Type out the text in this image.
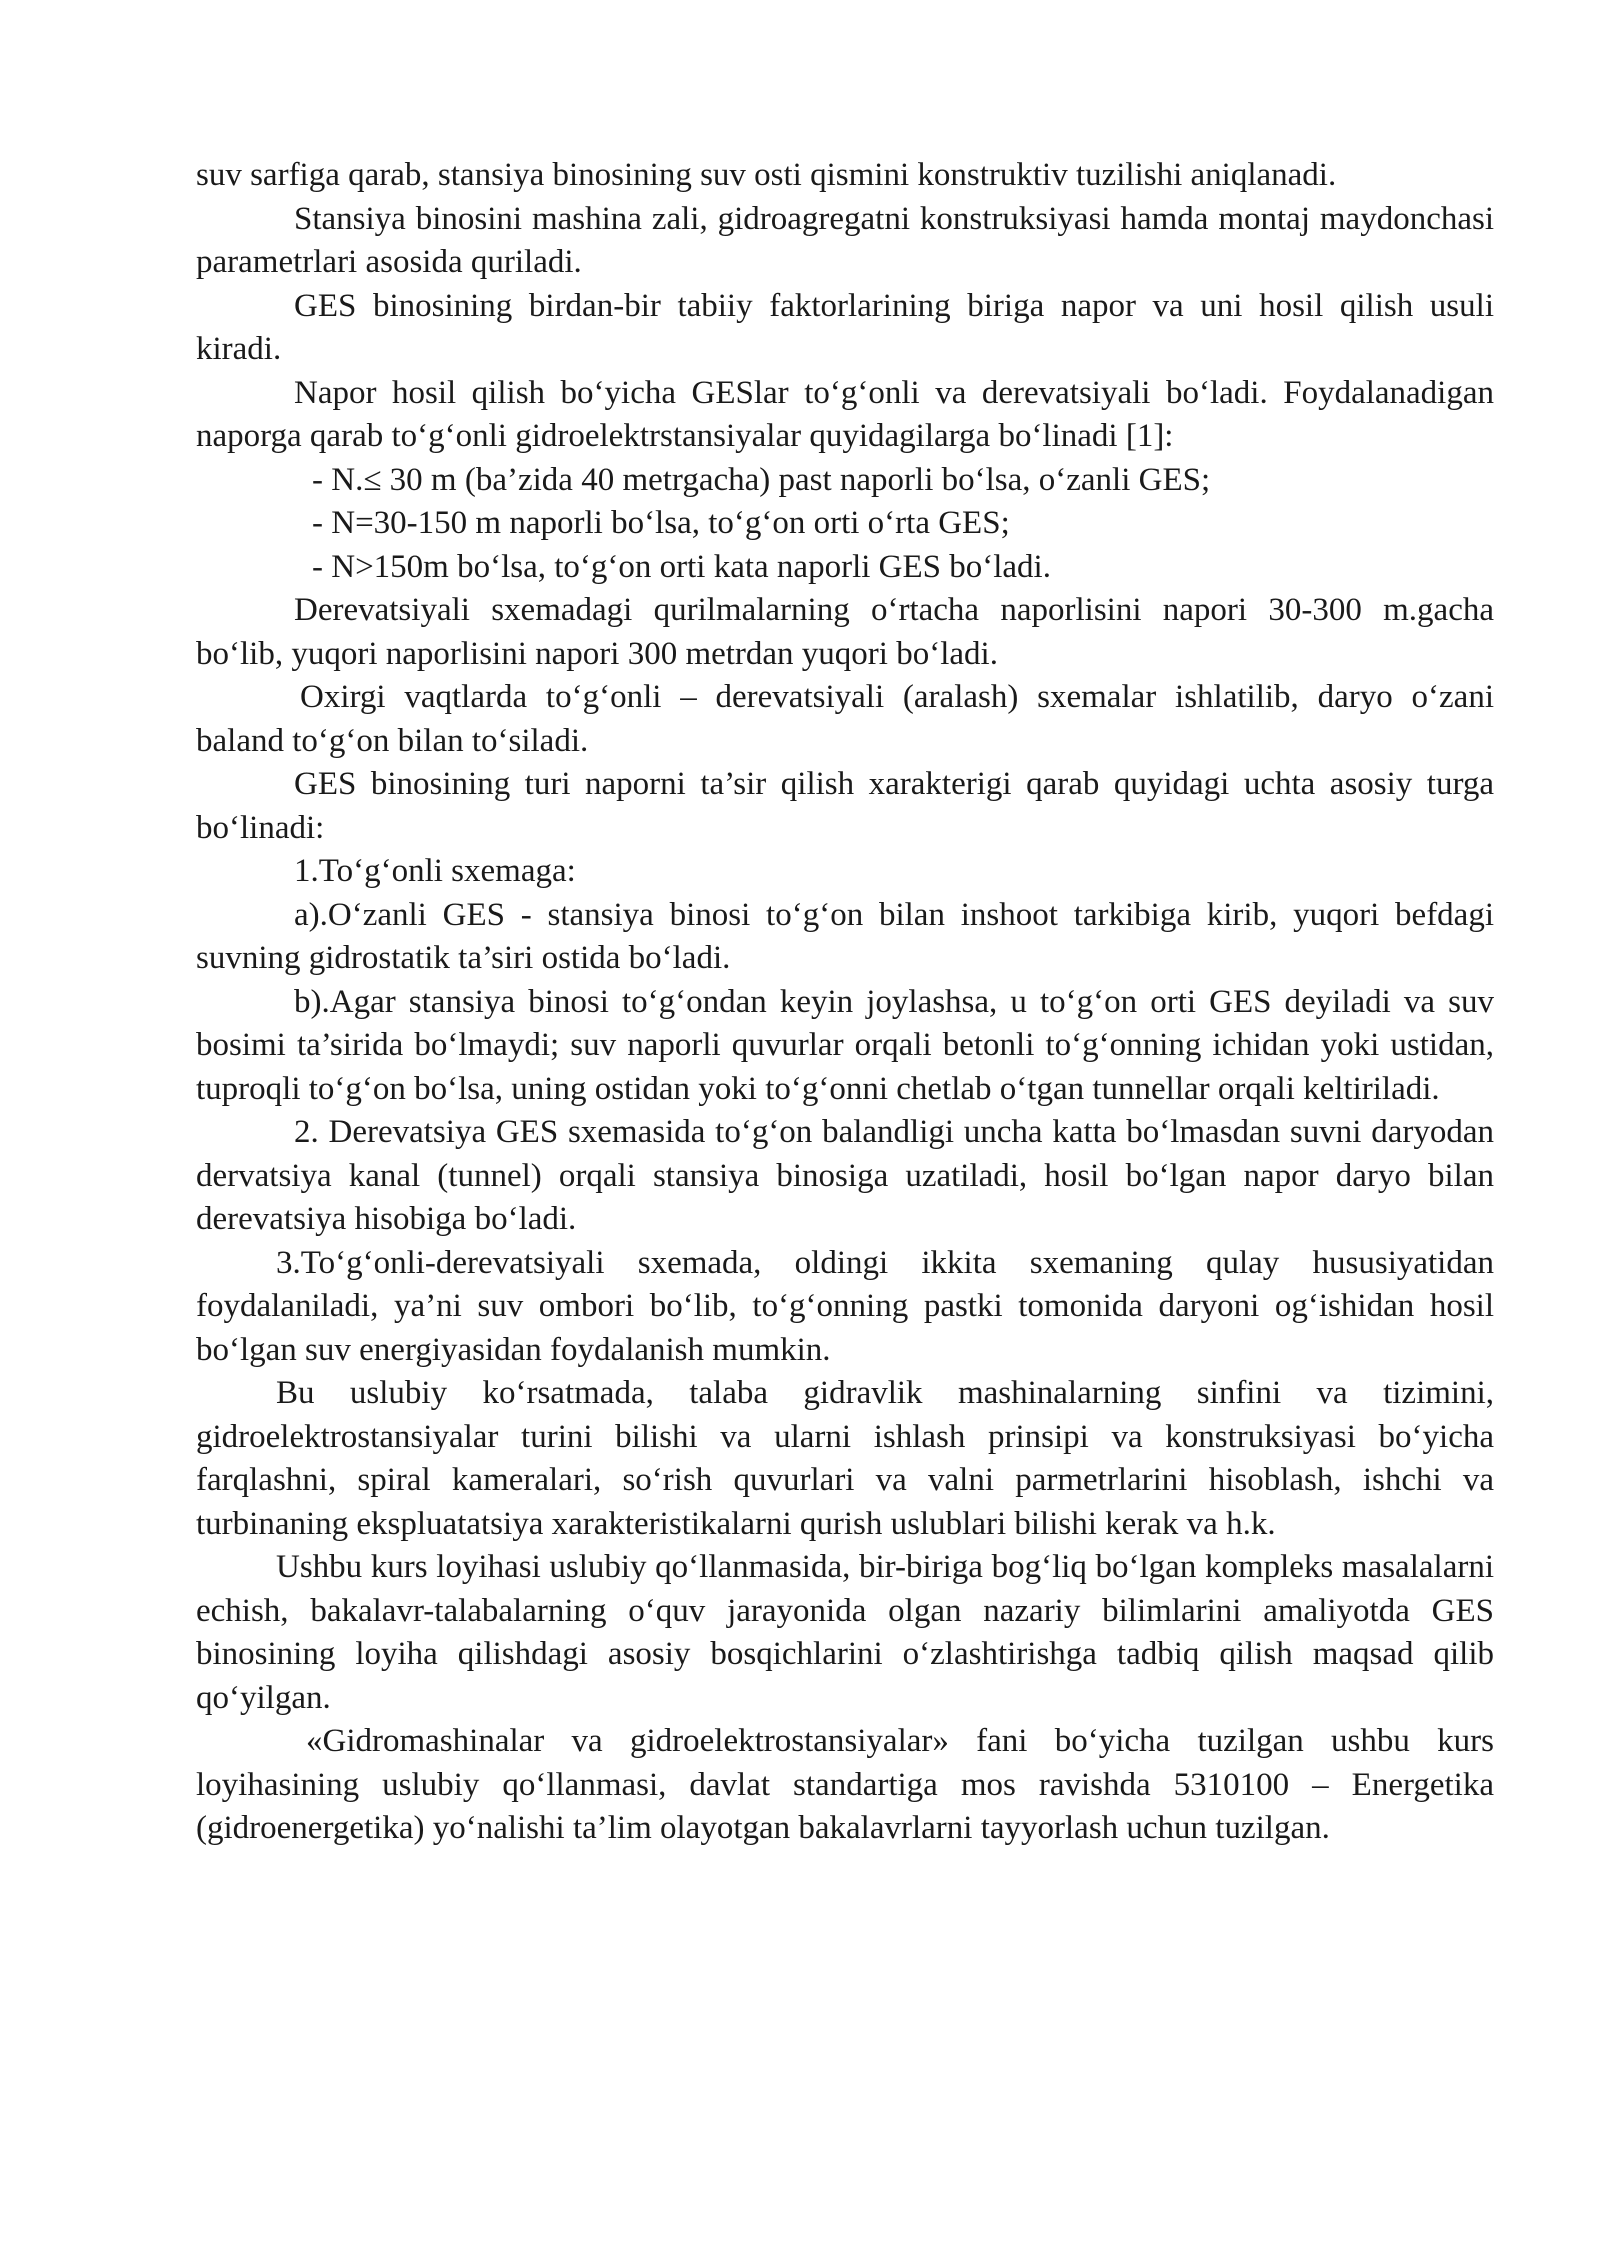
suv sarfiga qarab, stansiya binosining suv osti qismini konstruktiv tuzilishi aniqlanadi.

Stansiya binosini mashina zali, gidroagregatni konstruksiyasi hamda montaj maydonchasi parametrlari asosida quriladi.

GES binosining birdan-bir tabiiy faktorlarining biriga napor va uni hosil qilish usuli kiradi.

Napor hosil qilish bo‘yicha GESlar to‘g‘onli va derevatsiyali bo‘ladi. Foydalanadigan naporga qarab to‘g‘onli gidroelektrstansiyalar quyidagilarga bo‘linadi [1]:

- N.≤ 30 m (ba’zida 40 metrgacha) past naporli bo‘lsa, o‘zanli GES;

- N=30-150 m naporli bo‘lsa, to‘g‘on orti o‘rta GES;

- N>150m bo‘lsa, to‘g‘on orti kata naporli GES bo‘ladi.

Derevatsiyali sxemadagi qurilmalarning o‘rtacha naporlisini napori 30-300 m.gacha bo‘lib, yuqori naporlisini napori 300 metrdan yuqori bo‘ladi.

Oxirgi vaqtlarda to‘g‘onli – derevatsiyali (aralash) sxemalar ishlatilib, daryo o‘zani baland to‘g‘on bilan to‘siladi.

GES binosining turi naporni ta’sir qilish xarakterigi qarab quyidagi uchta asosiy turga bo‘linadi:

1.To‘g‘onli sxemaga:

a).O‘zanli GES - stansiya binosi to‘g‘on bilan inshoot tarkibiga kirib, yuqori befdagi suvning gidrostatik ta’siri ostida bo‘ladi.

b).Agar stansiya binosi to‘g‘ondan keyin joylashsa, u to‘g‘on orti GES deyiladi va suv bosimi ta’sirida bo‘lmaydi; suv naporli quvurlar orqali betonli to‘g‘onning ichidan yoki ustidan, tuproqli to‘g‘on bo‘lsa, uning ostidan yoki to‘g‘onni chetlab o‘tgan tunnellar orqali keltiriladi.

2. Derevatsiya GES sxemasida to‘g‘on balandligi uncha katta bo‘lmasdan suvni daryodan dervatsiya kanal (tunnel) orqali stansiya binosiga uzatiladi, hosil bo‘lgan napor daryo bilan derevatsiya hisobiga bo‘ladi.

3.To‘g‘onli-derevatsiyali sxemada, oldingi ikkita sxemaning qulay hususiyatidan foydalaniladi, ya’ni suv ombori bo‘lib, to‘g‘onning pastki tomonida daryoni og‘ishidan hosil bo‘lgan suv energiyasidan foydalanish mumkin.

Bu uslubiy ko‘rsatmada, talaba gidravlik mashinalarning sinfini va tizimini, gidroelektrostansiyalar turini bilishi va ularni ishlash prinsipi va konstruksiyasi bo‘yicha farqlashni, spiral kameralari, so‘rish quvurlari va valni parmetrlarini hisoblash, ishchi va turbinaning ekspluatatsiya xarakteristikalarni qurish uslublari bilishi kerak va h.k.

Ushbu kurs loyihasi uslubiy qo‘llanmasida, bir-biriga bog‘liq bo‘lgan kompleks masalalarni echish, bakalavr-talabalarning o‘quv jarayonida olgan nazariy bilimlarini amaliyotda GES binosining loyiha qilishdagi asosiy bosqichlarini o‘zlashtirishga tadbiq qilish maqsad qilib qo‘yilgan.

«Gidromashinalar va gidroelektrostansiyalar» fani bo‘yicha tuzilgan ushbu kurs loyihasining uslubiy qo‘llanmasi, davlat standartiga mos ravishda 5310100 – Energetika (gidroenergetika) yo‘nalishi ta’lim olayotgan bakalavrlarni tayyorlash uchun tuzilgan.
